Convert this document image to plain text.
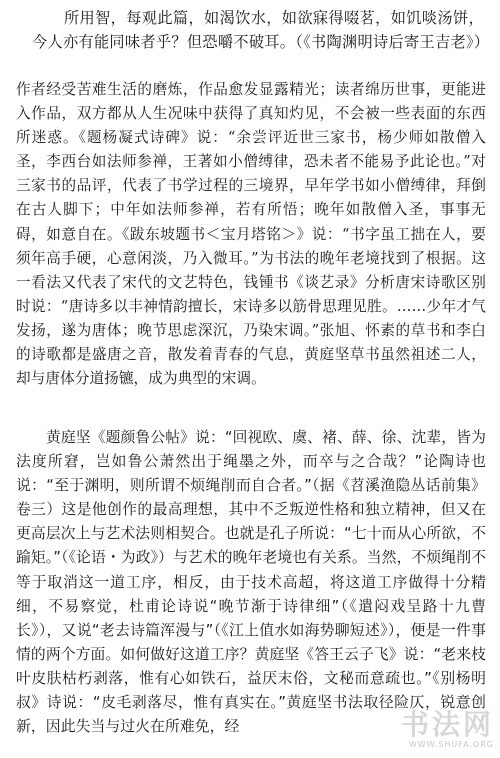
所用智，每观此篇，如渴饮水，如欲寐得啜茗，如饥啖汤饼，今人亦有能同味者乎？但恐嚼不破耳。（《书陶渊明诗后寄王吉老》）

作者经受苦难生活的磨炼，作品愈发显露精光；读者绵历世事，更能进入作品，双方都从人生况味中获得了真知灼见，不会被一些表面的东西所迷惑。《题杨凝式诗碑》说：“余尝评近世三家书，杨少师如散僧入圣，李西台如法师参禅，王著如小僧缚律，恐未者不能易予此论也。”对三家书的品评，代表了书学过程的三境界，早年学书如小僧缚律，拜倒在古人脚下；中年如法师参禅，若有所悟；晚年如散僧入圣，事事无碍，如意自在。《跋东坡题书＜宝月塔铭＞》说：“书字虽工拙在人，要须年高手硬，心意闲淡，乃入微耳。”为书法的晚年老境找到了根据。这一看法又代表了宋代的文艺特色，钱锺书《谈艺录》分析唐宋诗歌区别时说：“唐诗多以丰神情韵擅长，宋诗多以筋骨思理见胜。……少年才气发扬，遂为唐体；晚节思虑深沉，乃染宋调。”张旭、怀素的草书和李白的诗歌都是盛唐之音，散发着青春的气息，黄庭坚草书虽然祖述二人，却与唐体分道扬镳，成为典型的宋调。

黄庭坚《题颜鲁公帖》说：“回视欧、虞、褚、薛、徐、沈辈，皆为法度所窘，岂如鲁公萧然出于绳墨之外，而卒与之合哉？”论陶诗也说：“至于渊明，则所谓不烦绳削而自合者。”（据《苕溪渔隐丛话前集》卷三）这是他创作的最高理想，其中不乏叛逆性格和独立精神，但又在更高层次上与艺术法则相契合。也就是孔子所说：“七十而从心所欲，不踰矩。”（《论语・为政》）与艺术的晚年老境也有关系。当然，不烦绳削不等于取消这一道工序，相反，由于技术高超，将这道工序做得十分精细，不易察觉，杜甫论诗说“晚节渐于诗律细”（《遣闷戏呈路十九曹长》），又说“老去诗篇浑漫与”（《江上值水如海势聊短述》），便是一件事情的两个方面。如何做好这道工序？黄庭坚《答王云子飞》说：“老来枝叶皮肤枯朽剥落，惟有心如铁石，益厌末俗，文秘而意疏也。”《别杨明叔》诗说：“皮毛剥落尽，惟有真实在。”黄庭坚书法取径险仄，锐意创新，因此失当与过火在所难免，经	书法网
WWW.SHUFA.ORG
